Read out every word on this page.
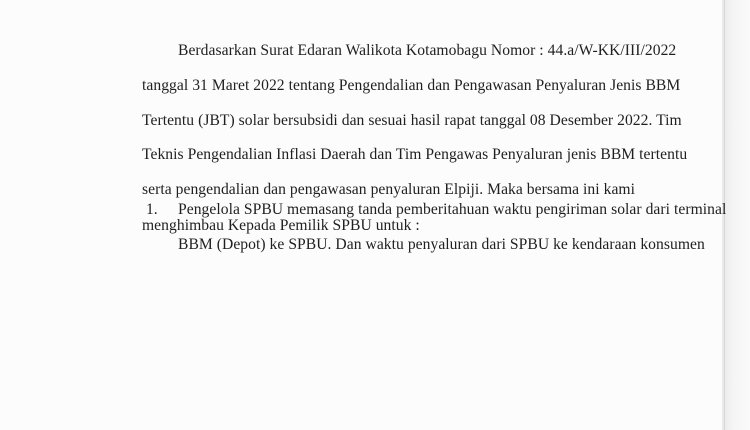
Berdasarkan Surat Edaran Walikota Kotamobagu Nomor : 44.a/W-KK/III/2022
tanggal 31 Maret 2022 tentang Pengendalian dan Pengawasan Penyaluran Jenis BBM
Tertentu (JBT) solar bersubsidi dan sesuai hasil rapat tanggal 08 Desember 2022. Tim
Teknis Pengendalian Inflasi Daerah dan Tim Pengawas Penyaluran jenis BBM tertentu
serta pengendalian dan pengawasan penyaluran Elpiji. Maka bersama ini kami
menghimbau Kepada Pemilik SPBU untuk :
1. Pengelola SPBU memasang tanda pemberitahuan waktu pengiriman solar dari terminal
BBM (Depot) ke SPBU. Dan waktu penyaluran dari SPBU ke kendaraan konsumen
